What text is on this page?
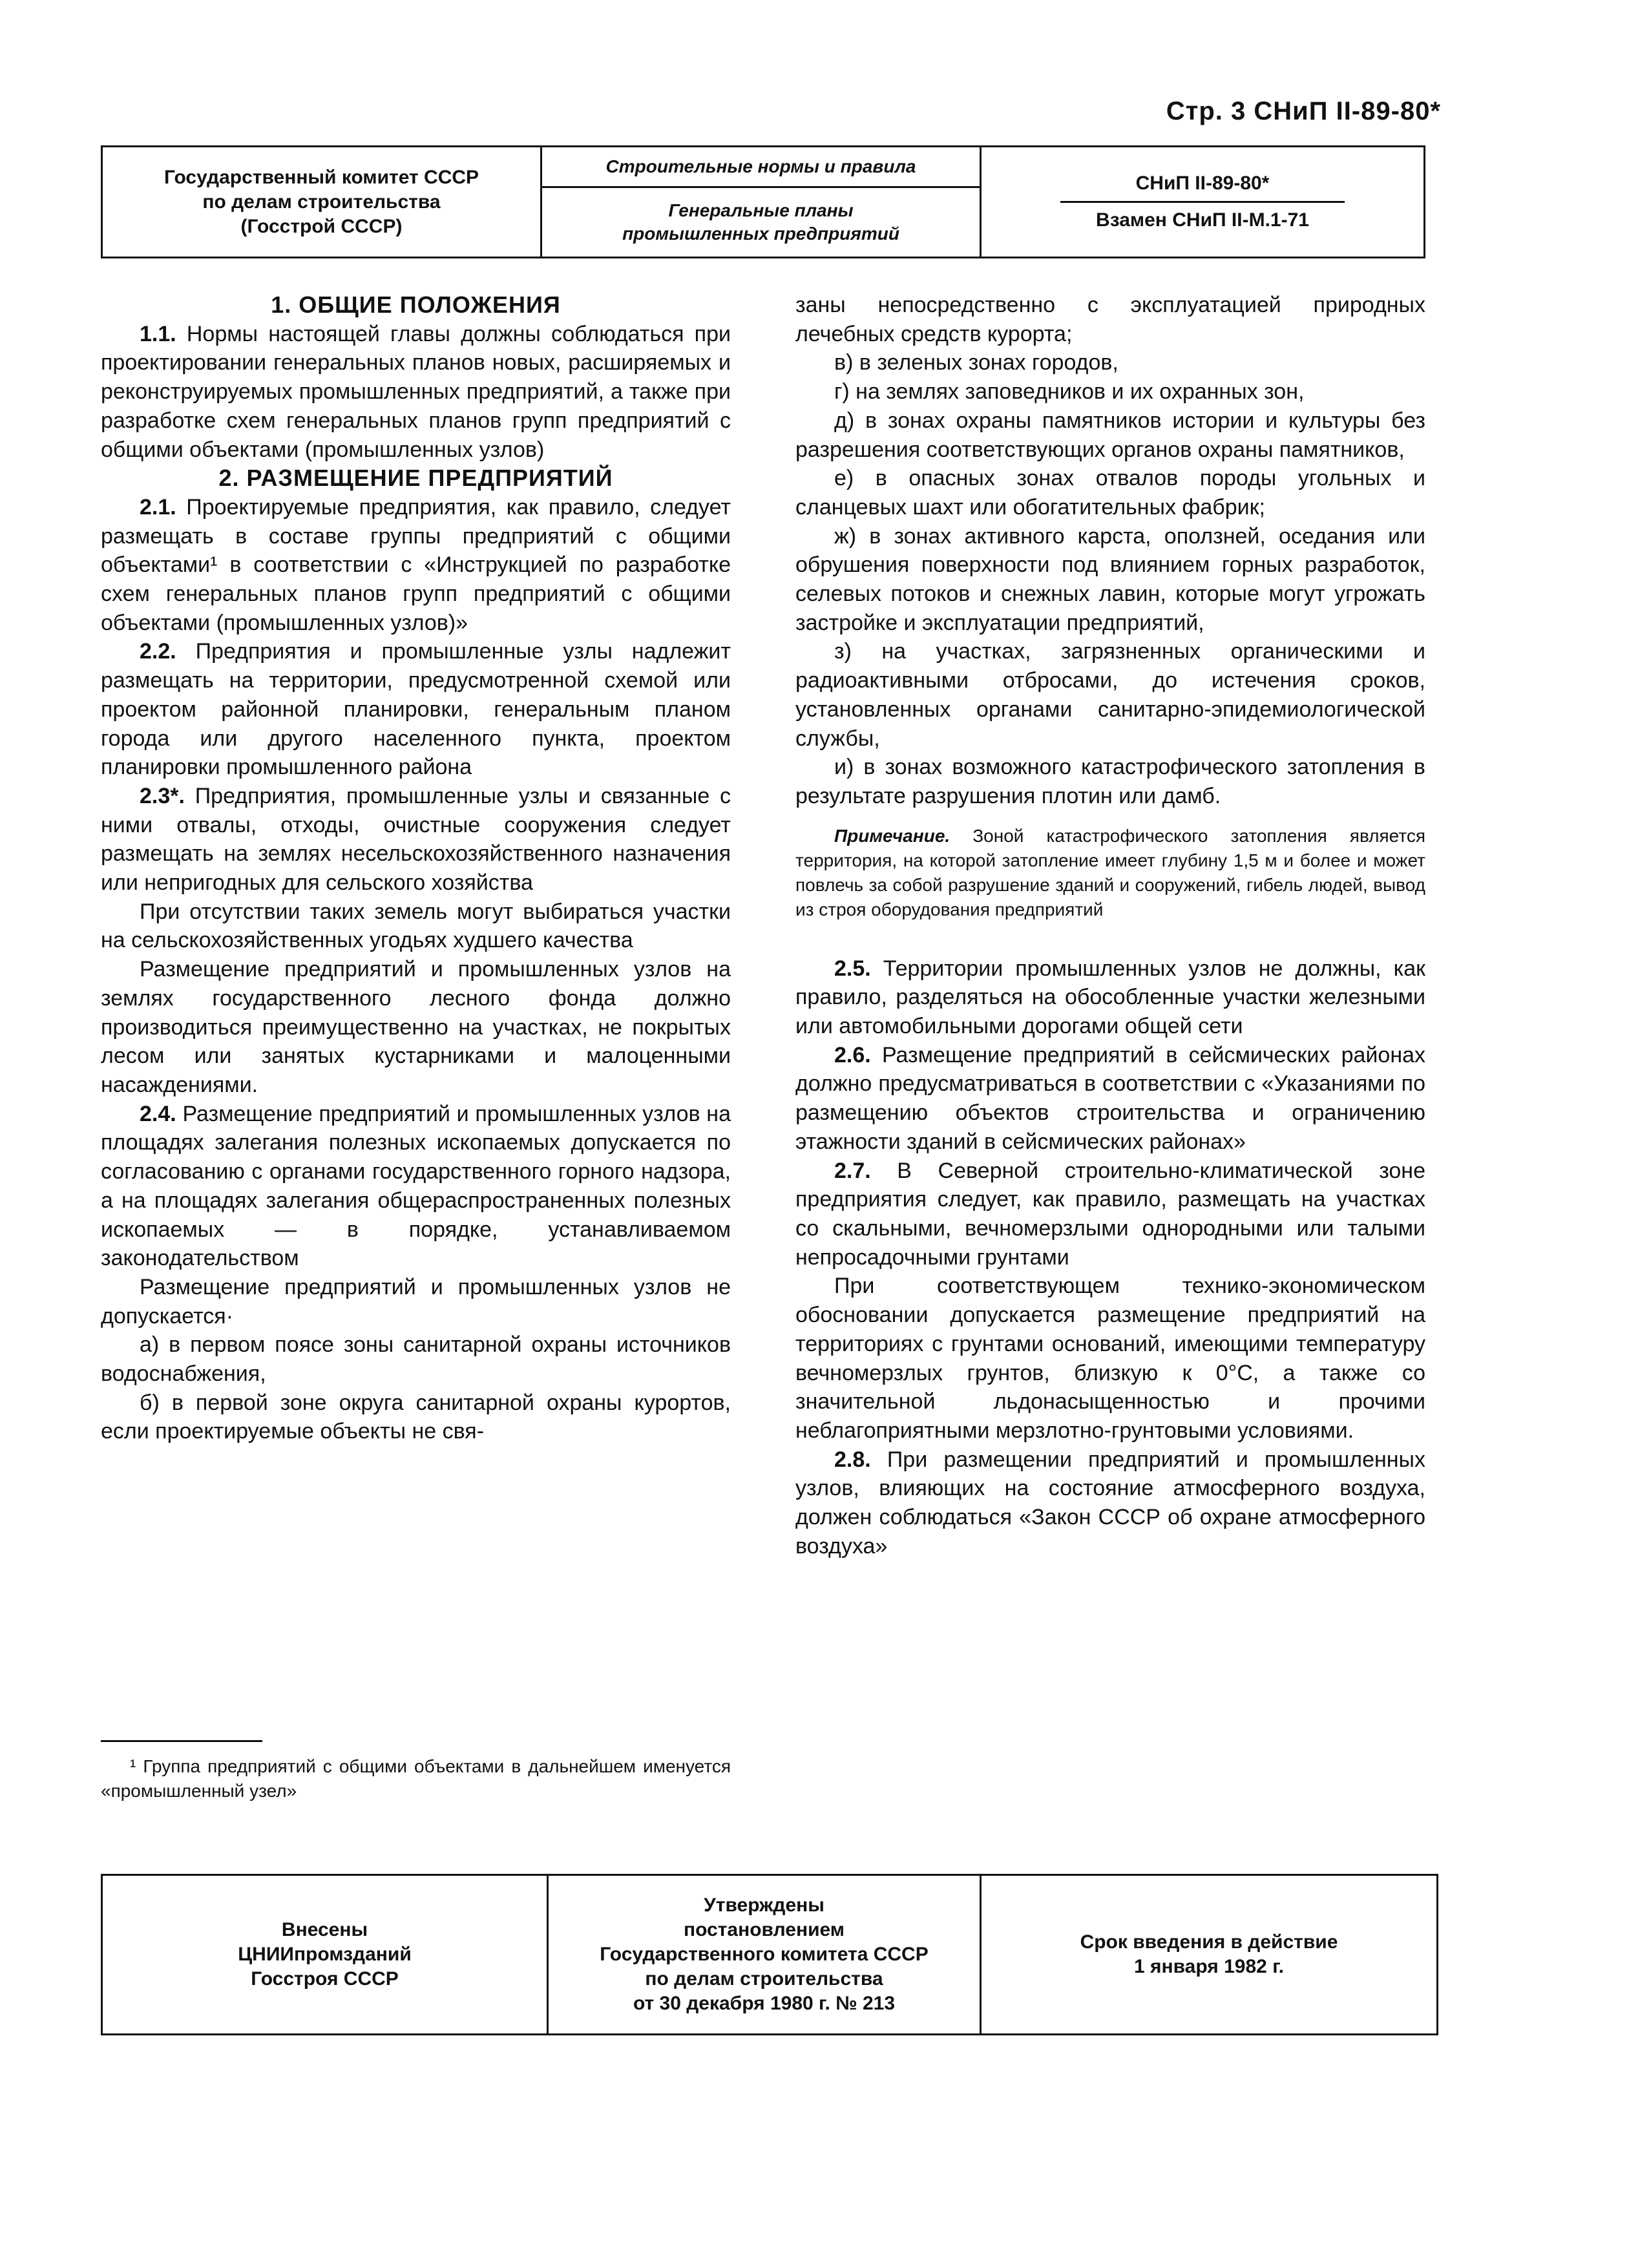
Стр. 3 СНиП II-89-80*
Государственный комитет СССР
по делам строительства
(Госстрой СССР)
Строительные нормы и правила
Генеральные планы
промышленных предприятий
СНиП II-89-80*
Взамен СНиП II-М.1-71

1. ОБЩИЕ ПОЛОЖЕНИЯ

1.1. Нормы настоящей главы должны соблюдаться при проектировании генеральных планов новых, расширяемых и реконструируемых промышленных предприятий, а также при разработке схем генеральных планов групп предприятий с общими объектами (промышленных узлов)

2. РАЗМЕЩЕНИЕ ПРЕДПРИЯТИЙ

2.1. Проектируемые предприятия, как правило, следует размещать в составе группы предприятий с общими объектами¹ в соответствии с «Инструкцией по разработке схем генеральных планов групп предприятий с общими объектами (промышленных узлов)»

2.2. Предприятия и промышленные узлы надлежит размещать на территории, предусмотренной схемой или проектом районной планировки, генеральным планом города или другого населенного пункта, проектом планировки промышленного района

2.3*. Предприятия, промышленные узлы и связанные с ними отвалы, отходы, очистные сооружения следует размещать на землях несельскохозяйственного назначения или непригодных для сельского хозяйства

При отсутствии таких земель могут выбираться участки на сельскохозяйственных угодьях худшего качества

Размещение предприятий и промышленных узлов на землях государственного лесного фонда должно производиться преимущественно на участках, не покрытых лесом или занятых кустарниками и малоценными насаждениями.

2.4. Размещение предприятий и промышленных узлов на площадях залегания полезных ископаемых допускается по согласованию с органами государственного горного надзора, а на площадях залегания общераспространенных полезных ископаемых — в порядке, устанавливаемом законодательством

Размещение предприятий и промышленных узлов не допускается·

а) в первом поясе зоны санитарной охраны источников водоснабжения,

б) в первой зоне округа санитарной охраны курортов, если проектируемые объекты не свя-

¹ Группа предприятий с общими объектами в дальнейшем именуется «промышленный узел»

заны непосредственно с эксплуатацией природных лечебных средств курорта;

в) в зеленых зонах городов,

г) на землях заповедников и их охранных зон,

д) в зонах охраны памятников истории и культуры без разрешения соответствующих органов охраны памятников,

е) в опасных зонах отвалов породы угольных и сланцевых шахт или обогатительных фабрик;

ж) в зонах активного карста, оползней, оседания или обрушения поверхности под влиянием горных разработок, селевых потоков и снежных лавин, которые могут угрожать застройке и эксплуатации предприятий,

з) на участках, загрязненных органическими и радиоактивными отбросами, до истечения сроков, установленных органами санитарно-эпидемиологической службы,

и) в зонах возможного катастрофического затопления в результате разрушения плотин или дамб.

Примечание. Зоной катастрофического затопления является территория, на которой затопление имеет глубину 1,5 м и более и может повлечь за собой разрушение зданий и сооружений, гибель людей, вывод из строя оборудования предприятий

2.5. Территории промышленных узлов не должны, как правило, разделяться на обособленные участки железными или автомобильными дорогами общей сети

2.6. Размещение предприятий в сейсмических районах должно предусматриваться в соответствии с «Указаниями по размещению объектов строительства и ограничению этажности зданий в сейсмических районах»

2.7. В Северной строительно-климатической зоне предприятия следует, как правило, размещать на участках со скальными, вечномерзлыми однородными или талыми непросадочными грунтами

При соответствующем технико-экономическом обосновании допускается размещение предприятий на территориях с грунтами оснований, имеющими температуру вечномерзлых грунтов, близкую к 0°С, а также со значительной льдонасыщенностью и прочими неблагоприятными мерзлотно-грунтовыми условиями.

2.8. При размещении предприятий и промышленных узлов, влияющих на состояние атмосферного воздуха, должен соблюдаться «Закон СССР об охране атмосферного воздуха»

Внесены
ЦНИИпромзданий
Госстроя СССР
Утверждены
постановлением
Государственного комитета СССР
по делам строительства
от 30 декабря 1980 г. № 213
Срок введения в действие
1 января 1982 г.
